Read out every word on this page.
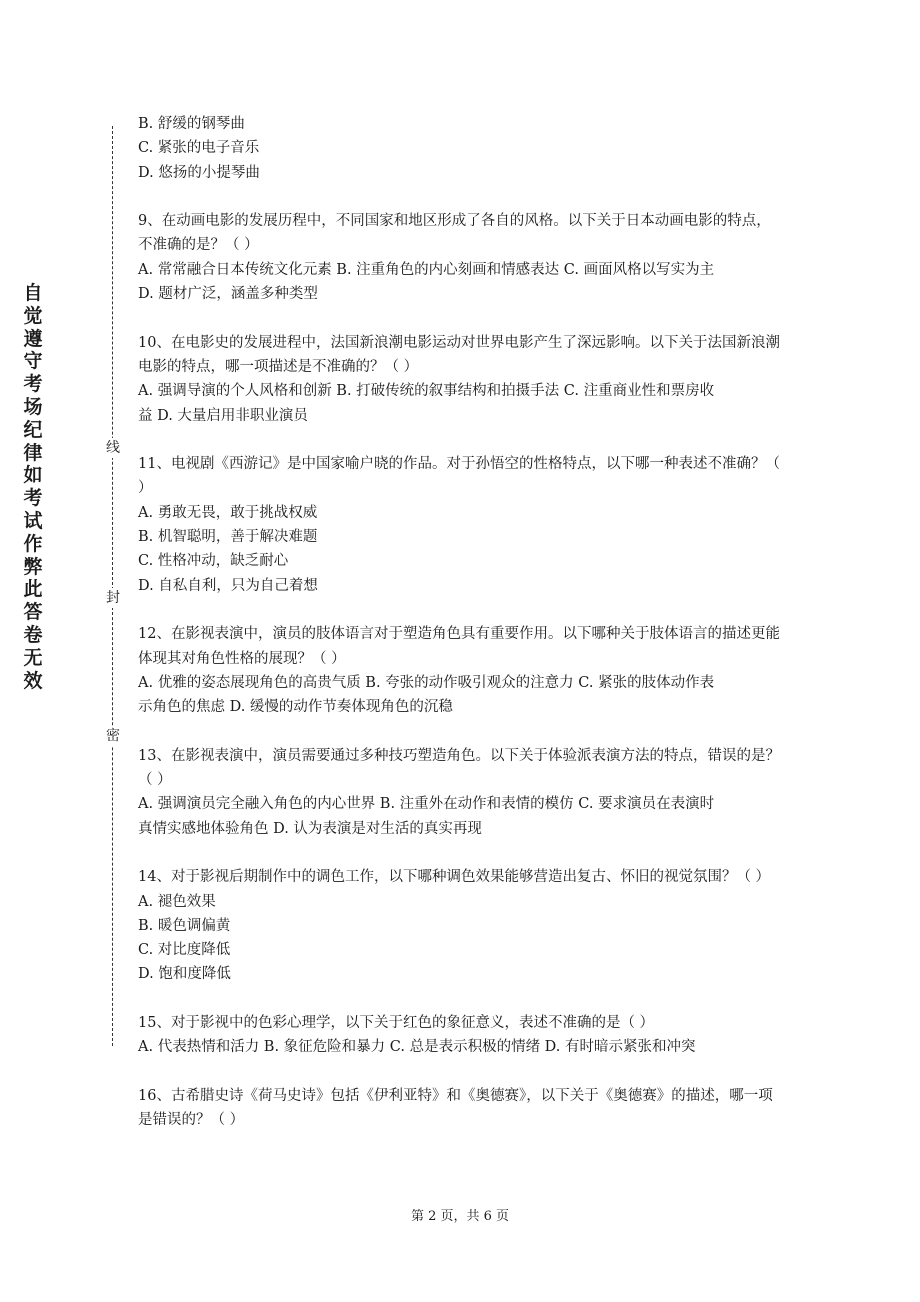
自觉遵守考场纪律如考试作弊此答卷无效
线
封
密
B. 舒缓的钢琴曲
C. 紧张的电子音乐
D. 悠扬的小提琴曲
9、在动画电影的发展历程中，不同国家和地区形成了各自的风格。以下关于日本动画电影的特点，不准确的是？（ ）
A. 常常融合日本传统文化元素 B. 注重角色的内心刻画和情感表达 C. 画面风格以写实为主
D. 题材广泛，涵盖多种类型
10、在电影史的发展进程中，法国新浪潮电影运动对世界电影产生了深远影响。以下关于法国新浪潮电影的特点，哪一项描述是不准确的？（ ）
A. 强调导演的个人风格和创新 B. 打破传统的叙事结构和拍摄手法 C. 注重商业性和票房收
益 D. 大量启用非职业演员
11、电视剧《西游记》是中国家喻户晓的作品。对于孙悟空的性格特点，以下哪一种表述不准确？（ ）
A. 勇敢无畏，敢于挑战权威
B. 机智聪明，善于解决难题
C. 性格冲动，缺乏耐心
D. 自私自利，只为自己着想
12、在影视表演中，演员的肢体语言对于塑造角色具有重要作用。以下哪种关于肢体语言的描述更能体现其对角色性格的展现？（ ）
A. 优雅的姿态展现角色的高贵气质 B. 夸张的动作吸引观众的注意力 C. 紧张的肢体动作表
示角色的焦虑 D. 缓慢的动作节奏体现角色的沉稳
13、在影视表演中，演员需要通过多种技巧塑造角色。以下关于体验派表演方法的特点，错误的是？（ ）
A. 强调演员完全融入角色的内心世界 B. 注重外在动作和表情的模仿 C. 要求演员在表演时
真情实感地体验角色 D. 认为表演是对生活的真实再现
14、对于影视后期制作中的调色工作，以下哪种调色效果能够营造出复古、怀旧的视觉氛围？（ ）
A. 褪色效果
B. 暖色调偏黄
C. 对比度降低
D. 饱和度降低
15、对于影视中的色彩心理学，以下关于红色的象征意义，表述不准确的是（ ）
A. 代表热情和活力 B. 象征危险和暴力 C. 总是表示积极的情绪 D. 有时暗示紧张和冲突
16、古希腊史诗《荷马史诗》包括《伊利亚特》和《奥德赛》，以下关于《奥德赛》的描述，哪一项是错误的？（ ）
第 2 页，共 6 页
